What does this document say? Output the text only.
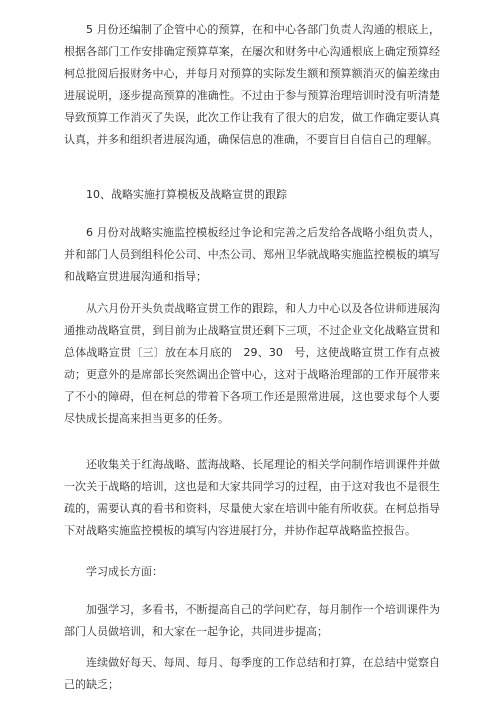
5 月份还编制了企管中心的预算，在和中心各部门负责人沟通的根底上，根据各部门工作安排确定预算草案，在屡次和财务中心沟通根底上确定预算经柯总批阅后报财务中心，并每月对预算的实际发生额和预算额消灭的偏差缘由进展说明，逐步提高预算的准确性。不过由于参与预算治理培训时没有听清楚导致预算工作消灭了失误，此次工作让我有了很大的启发，做工作确定要认真认真，并多和组织者进展沟通，确保信息的准确，不要盲目自信自己的理解。

10、战略实施打算模板及战略宣贯的跟踪

6 月份对战略实施监控模板经过争论和完善之后发给各战略小组负责人，并和部门人员到组科伦公司、中杰公司、郑州卫华就战略实施监控模板的填写和战略宣贯进展沟通和指导；

从六月份开头负责战略宣贯工作的跟踪，和人力中心以及各位讲师进展沟通推动战略宣贯，到目前为止战略宣贯还剩下三项，不过企业文化战略宣贯和总体战略宣贯〔三〕放在本月底的　29、30　号，这使战略宣贯工作有点被动；更意外的是席部长突然调出企管中心，这对于战略治理部的工作开展带来了不小的障碍，但在柯总的带着下各项工作还是照常进展，这也要求每个人要尽快成长提高来担当更多的任务。

还收集关于红海战略、蓝海战略、长尾理论的相关学问制作培训课件并做一次关于战略的培训，这也是和大家共同学习的过程，由于这对我也不是很生疏的，需要认真的看书和资料，尽量使大家在培训中能有所收获。在柯总指导下对战略实施监控模板的填写内容进展打分，并协作起草战略监控报告。

学习成长方面：

加强学习，多看书，不断提高自己的学问贮存，每月制作一个培训课件为部门人员做培训，和大家在一起争论，共同进步提高；

连续做好每天、每周、每月、每季度的工作总结和打算，在总结中觉察自己的缺乏；
